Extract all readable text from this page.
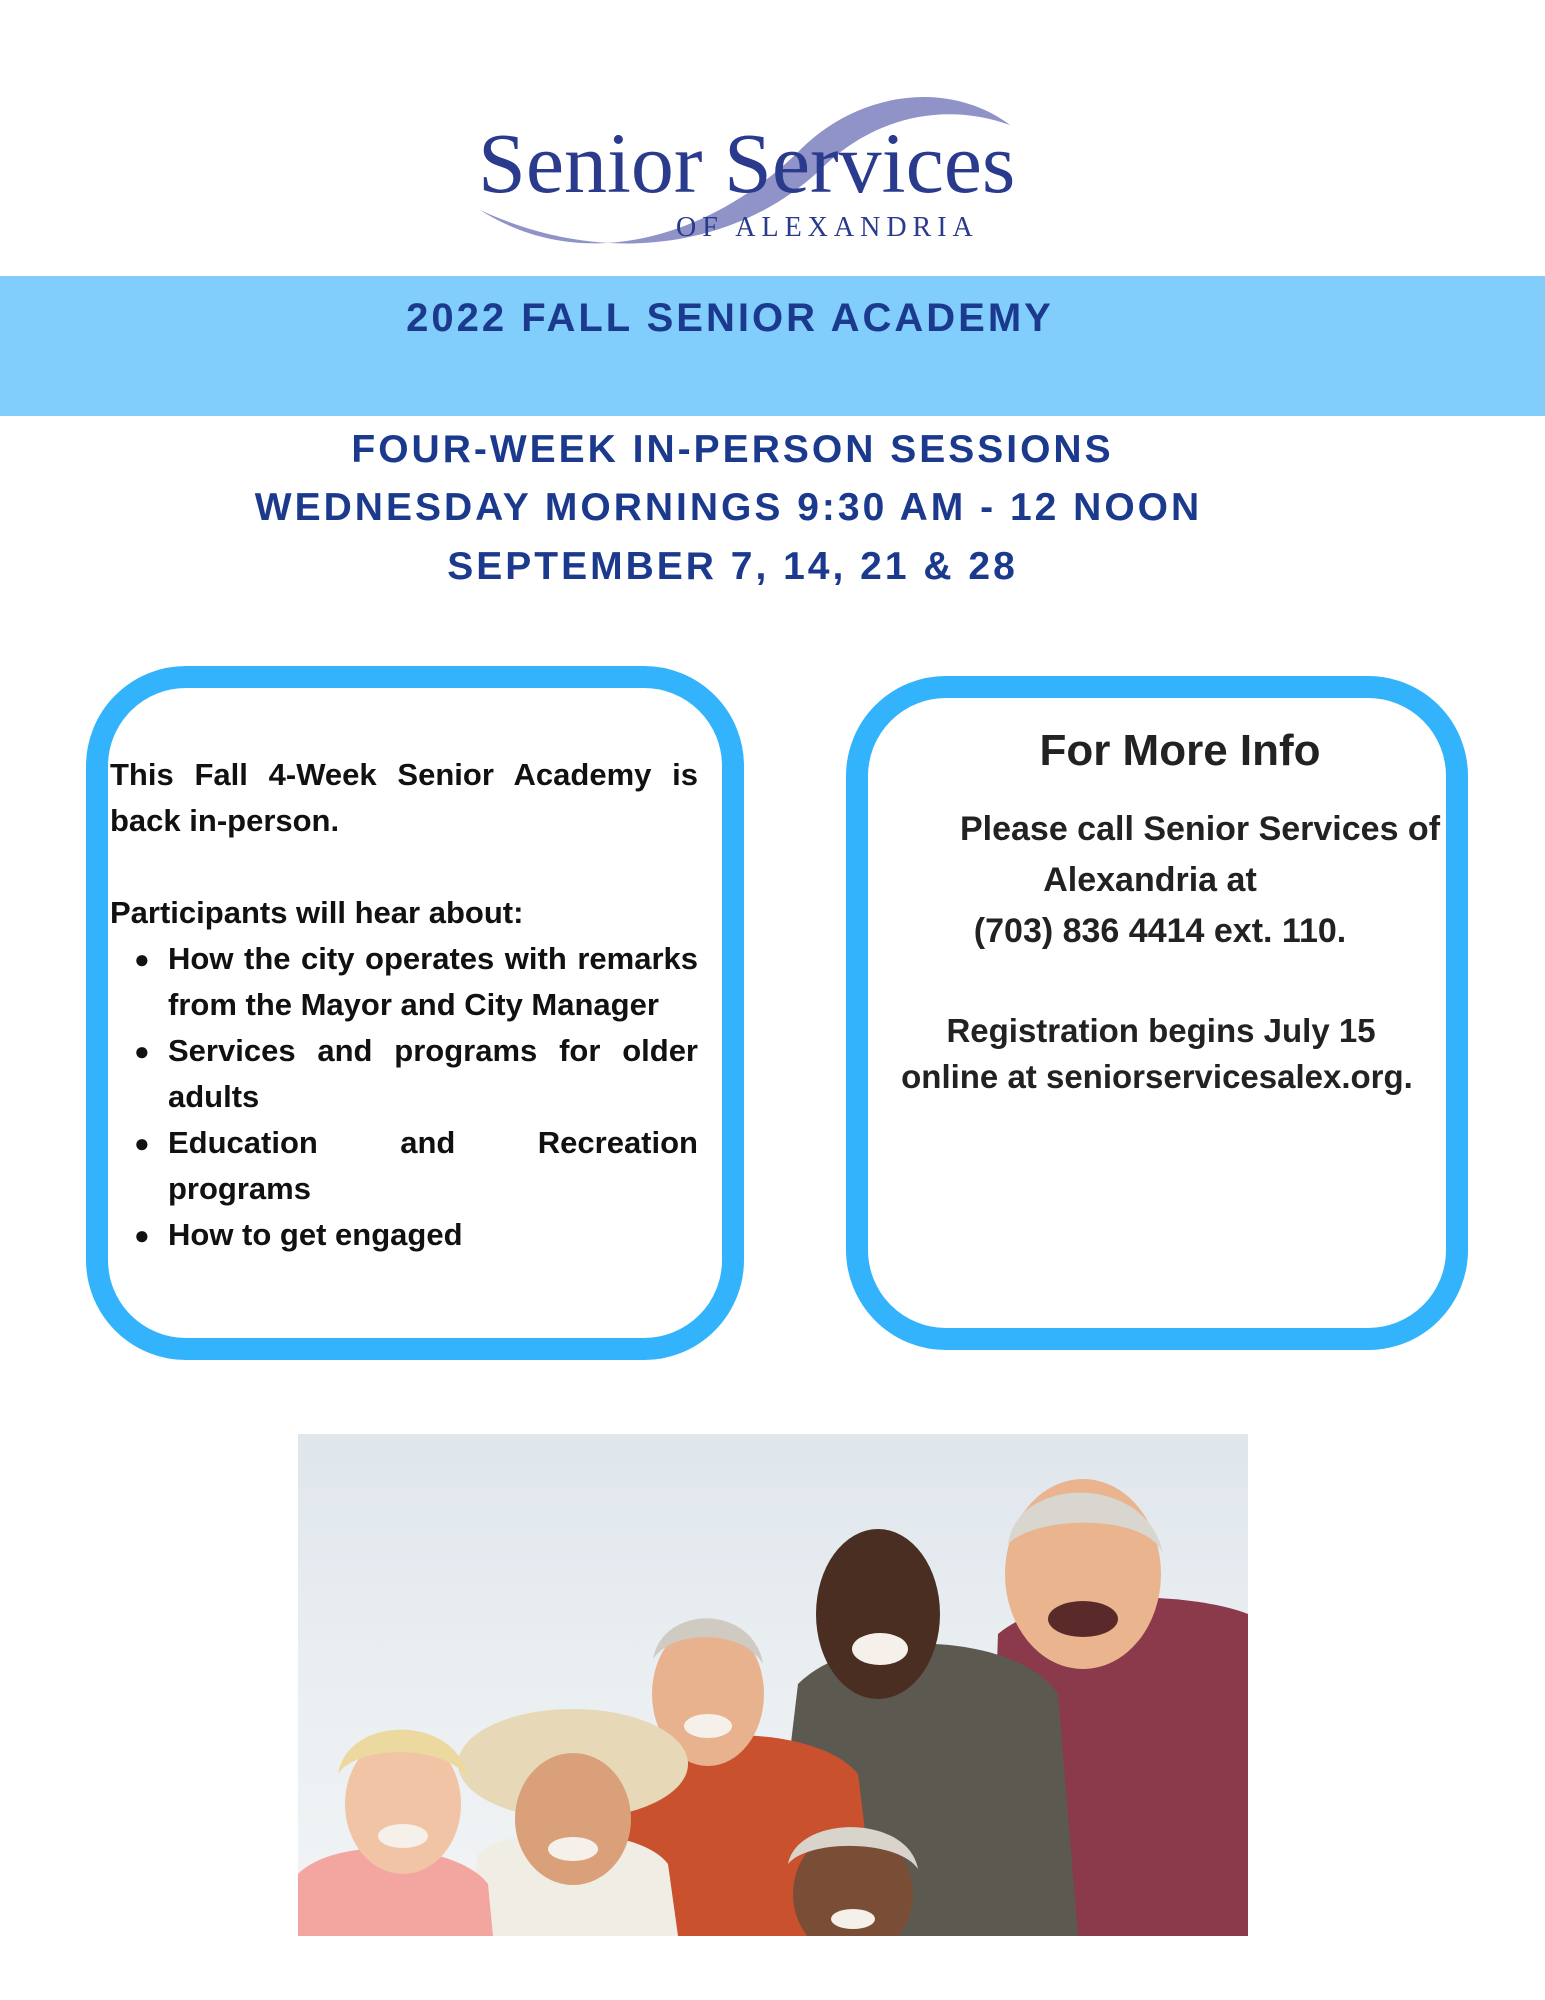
Senior Services
OF ALEXANDRIA
2022 FALL SENIOR ACADEMY
FOUR-WEEK IN-PERSON SESSIONS
WEDNESDAY MORNINGS 9:30 AM - 12 NOON
SEPTEMBER 7, 14, 21 & 28

This Fall 4-Week Senior Academy is back in-person.

Participants will hear about:

● How the city operates with remarks from the Mayor and City Manager
● Services and programs for older adults
● Education and Recreation programs
● How to get engaged
For More Info
Please call Senior Services of
Alexandria at
(703) 836 4414 ext. 110.
Registration begins July 15
online at seniorservicesalex.org.
